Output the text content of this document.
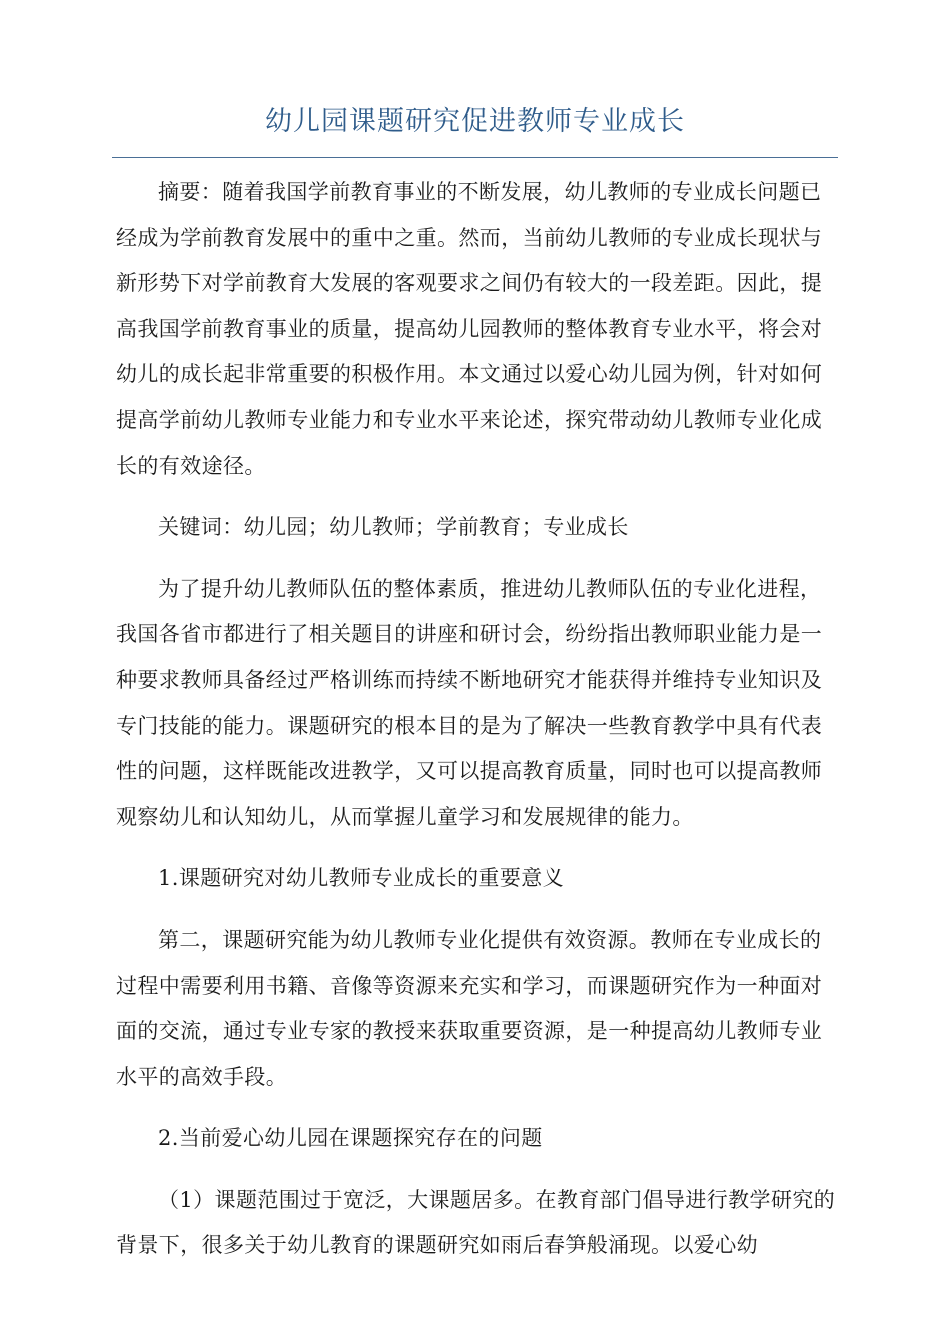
幼儿园课题研究促进教师专业成长

摘要：随着我国学前教育事业的不断发展，幼儿教师的专业成长问题已经成为学前教育发展中的重中之重。然而，当前幼儿教师的专业成长现状与新形势下对学前教育大发展的客观要求之间仍有较大的一段差距。因此，提高我国学前教育事业的质量，提高幼儿园教师的整体教育专业水平，将会对幼儿的成长起非常重要的积极作用。本文通过以爱心幼儿园为例，针对如何提高学前幼儿教师专业能力和专业水平来论述，探究带动幼儿教师专业化成长的有效途径。

关键词：幼儿园；幼儿教师；学前教育；专业成长

为了提升幼儿教师队伍的整体素质，推进幼儿教师队伍的专业化进程，我国各省市都进行了相关题目的讲座和研讨会，纷纷指出教师职业能力是一种要求教师具备经过严格训练而持续不断地研究才能获得并维持专业知识及专门技能的能力。课题研究的根本目的是为了解决一些教育教学中具有代表性的问题，这样既能改进教学，又可以提高教育质量，同时也可以提高教师观察幼儿和认知幼儿，从而掌握儿童学习和发展规律的能力。

1.课题研究对幼儿教师专业成长的重要意义

第二，课题研究能为幼儿教师专业化提供有效资源。教师在专业成长的过程中需要利用书籍、音像等资源来充实和学习，而课题研究作为一种面对面的交流，通过专业专家的教授来获取重要资源，是一种提高幼儿教师专业水平的高效手段。

2.当前爱心幼儿园在课题探究存在的问题

（1）课题范围过于宽泛，大课题居多。在教育部门倡导进行教学研究的背景下，很多关于幼儿教育的课题研究如雨后春笋般涌现。以爱心幼
